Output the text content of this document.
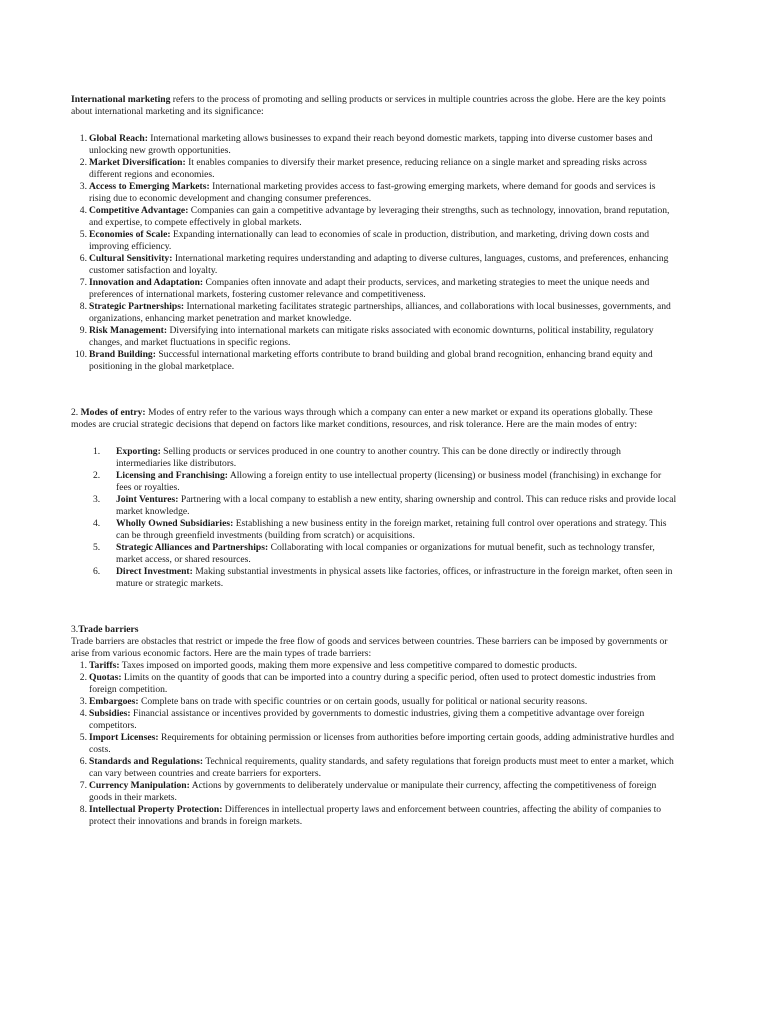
International marketing refers to the process of promoting and selling products or services in multiple countries across the globe. Here are the key points about international marketing and its significance:

1. Global Reach: International marketing allows businesses to expand their reach beyond domestic markets, tapping into diverse customer bases and unlocking new growth opportunities.
2. Market Diversification: It enables companies to diversify their market presence, reducing reliance on a single market and spreading risks across different regions and economies.
3. Access to Emerging Markets: International marketing provides access to fast-growing emerging markets, where demand for goods and services is rising due to economic development and changing consumer preferences.
4. Competitive Advantage: Companies can gain a competitive advantage by leveraging their strengths, such as technology, innovation, brand reputation, and expertise, to compete effectively in global markets.
5. Economies of Scale: Expanding internationally can lead to economies of scale in production, distribution, and marketing, driving down costs and improving efficiency.
6. Cultural Sensitivity: International marketing requires understanding and adapting to diverse cultures, languages, customs, and preferences, enhancing customer satisfaction and loyalty.
7. Innovation and Adaptation: Companies often innovate and adapt their products, services, and marketing strategies to meet the unique needs and preferences of international markets, fostering customer relevance and competitiveness.
8. Strategic Partnerships: International marketing facilitates strategic partnerships, alliances, and collaborations with local businesses, governments, and organizations, enhancing market penetration and market knowledge.
9. Risk Management: Diversifying into international markets can mitigate risks associated with economic downturns, political instability, regulatory changes, and market fluctuations in specific regions.
10. Brand Building: Successful international marketing efforts contribute to brand building and global brand recognition, enhancing brand equity and positioning in the global marketplace.

2. Modes of entry: Modes of entry refer to the various ways through which a company can enter a new market or expand its operations globally. These modes are crucial strategic decisions that depend on factors like market conditions, resources, and risk tolerance. Here are the main modes of entry:

1. Exporting: Selling products or services produced in one country to another country. This can be done directly or indirectly through intermediaries like distributors.
2. Licensing and Franchising: Allowing a foreign entity to use intellectual property (licensing) or business model (franchising) in exchange for fees or royalties.
3. Joint Ventures: Partnering with a local company to establish a new entity, sharing ownership and control. This can reduce risks and provide local market knowledge.
4. Wholly Owned Subsidiaries: Establishing a new business entity in the foreign market, retaining full control over operations and strategy. This can be through greenfield investments (building from scratch) or acquisitions.
5. Strategic Alliances and Partnerships: Collaborating with local companies or organizations for mutual benefit, such as technology transfer, market access, or shared resources.
6. Direct Investment: Making substantial investments in physical assets like factories, offices, or infrastructure in the foreign market, often seen in mature or strategic markets.

3.Trade barriers

Trade barriers are obstacles that restrict or impede the free flow of goods and services between countries. These barriers can be imposed by governments or arise from various economic factors. Here are the main types of trade barriers:

1. Tariffs: Taxes imposed on imported goods, making them more expensive and less competitive compared to domestic products.
2. Quotas: Limits on the quantity of goods that can be imported into a country during a specific period, often used to protect domestic industries from foreign competition.
3. Embargoes: Complete bans on trade with specific countries or on certain goods, usually for political or national security reasons.
4. Subsidies: Financial assistance or incentives provided by governments to domestic industries, giving them a competitive advantage over foreign competitors.
5. Import Licenses: Requirements for obtaining permission or licenses from authorities before importing certain goods, adding administrative hurdles and costs.
6. Standards and Regulations: Technical requirements, quality standards, and safety regulations that foreign products must meet to enter a market, which can vary between countries and create barriers for exporters.
7. Currency Manipulation: Actions by governments to deliberately undervalue or manipulate their currency, affecting the competitiveness of foreign goods in their markets.
8. Intellectual Property Protection: Differences in intellectual property laws and enforcement between countries, affecting the ability of companies to protect their innovations and brands in foreign markets.
